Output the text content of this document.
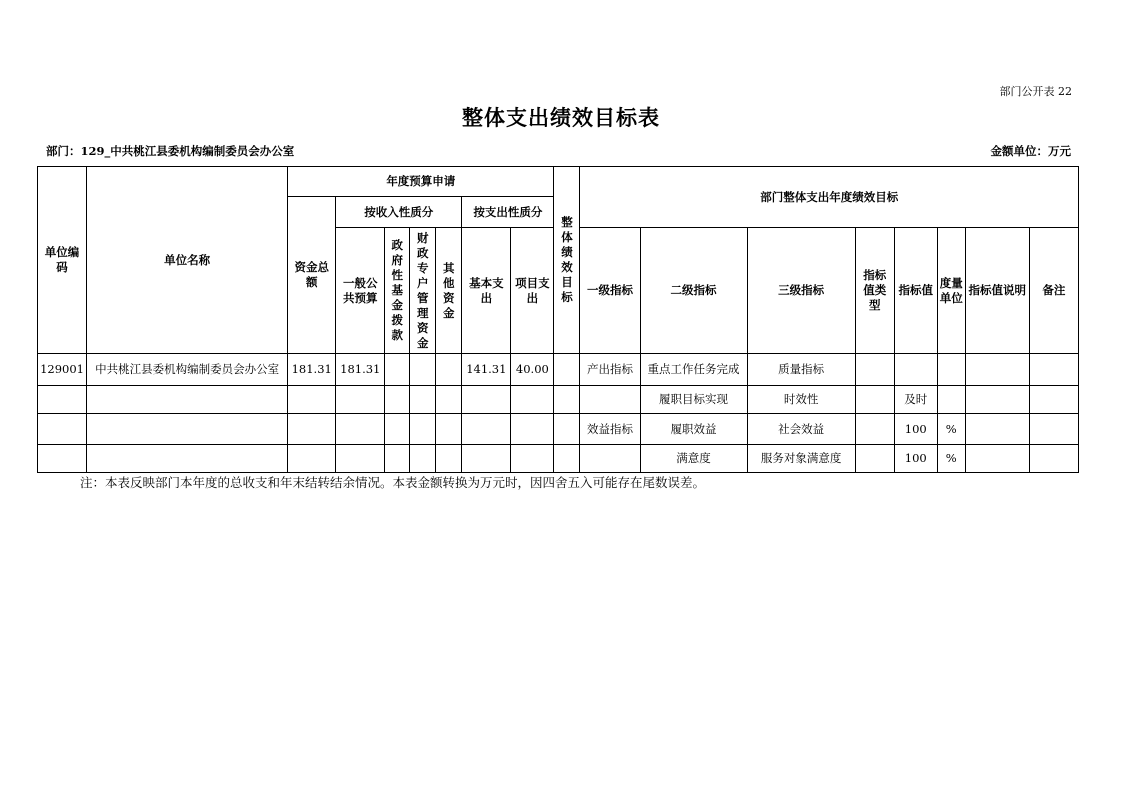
部门公开表 22
整体支出绩效目标表
部门：129_中共桃江县委机构编制委员会办公室	金额单位：万元
单位编码	单位名称	年度预算申请							整体绩效目标	部门整体支出年度绩效目标							
		资金总额	按收入性质分				按支出性质分										
			一般公共预算	政府性基金拨款	财政专户管理资金	其他资金	基本支出	项目支出		一级指标	二级指标	三级指标	指标值类型	指标值	度量单位	指标值说明	备注
129001	中共桃江县委机构编制委员会办公室	181.31	181.31				141.31	40.00		产出指标	重点工作任务完成	质量指标					
											履职目标实现	时效性		及时			
										效益指标	履职效益	社会效益		100	%		
											满意度	服务对象满意度		100	%		
注：本表反映部门本年度的总收支和年末结转结余情况。本表金额转换为万元时，因四舍五入可能存在尾数误差。
